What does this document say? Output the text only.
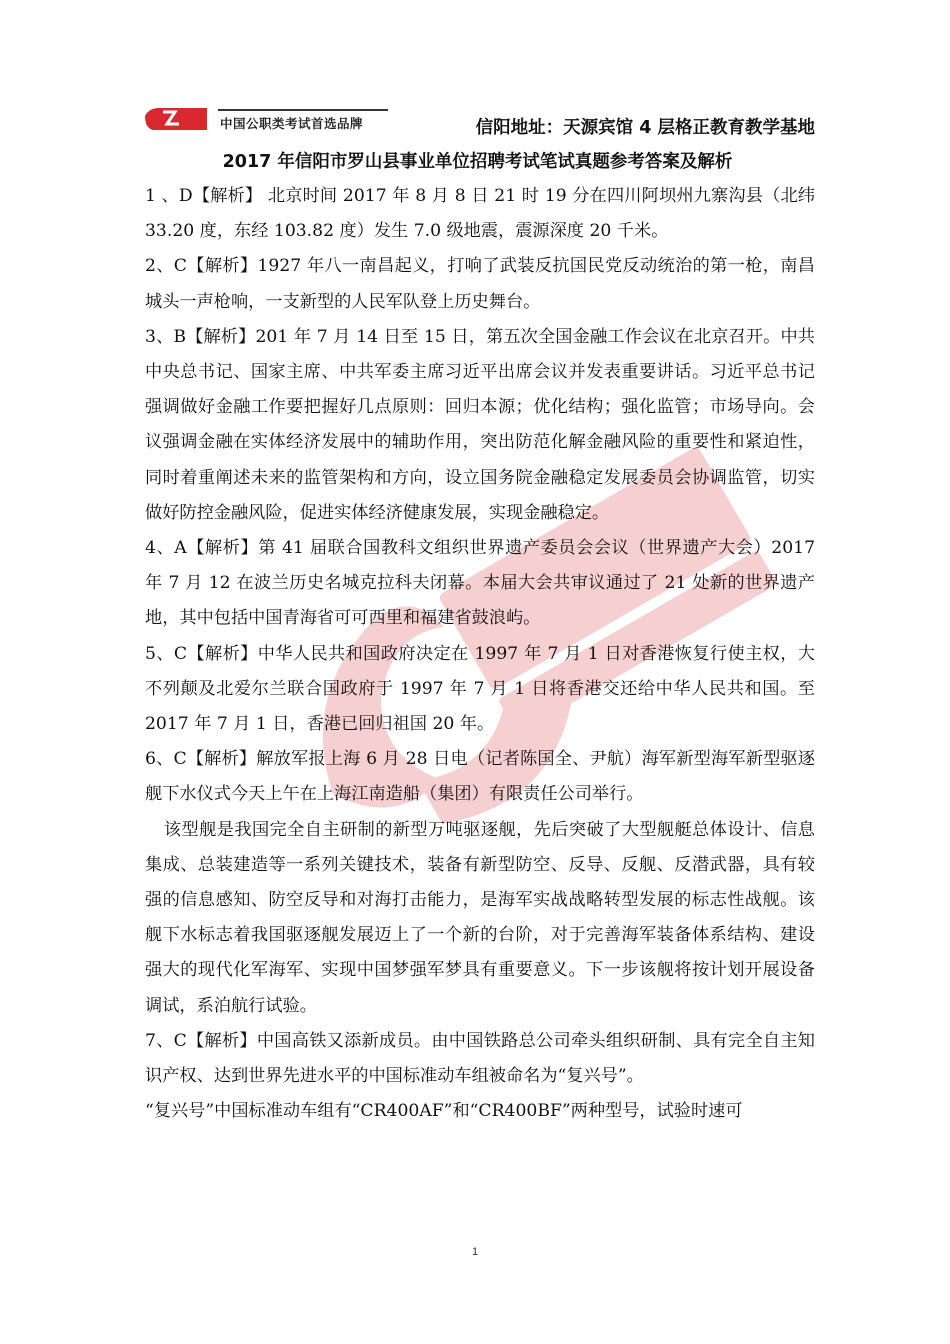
中国公职类考试首选品牌	信阳地址：天源宾馆 4 层格正教育教学基地
2017 年信阳市罗山县事业单位招聘考试笔试真题参考答案及解析

1 、D【解析】 北京时间 2017 年 8 月 8 日 21 时 19 分在四川阿坝州九寨沟县（北纬 33.20 度，东经 103.82 度）发生 7.0 级地震，震源深度 20 千米。

2、C【解析】1927 年八一南昌起义，打响了武装反抗国民党反动统治的第一枪，南昌城头一声枪响，一支新型的人民军队登上历史舞台。

3、B【解析】201 年 7 月 14 日至 15 日，第五次全国金融工作会议在北京召开。中共中央总书记、国家主席、中共军委主席习近平出席会议并发表重要讲话。习近平总书记强调做好金融工作要把握好几点原则：回归本源；优化结构；强化监管；市场导向。会议强调金融在实体经济发展中的辅助作用，突出防范化解金融风险的重要性和紧迫性，同时着重阐述未来的监管架构和方向，设立国务院金融稳定发展委员会协调监管，切实做好防控金融风险，促进实体经济健康发展，实现金融稳定。

4、A【解析】第 41 届联合国教科文组织世界遗产委员会会议（世界遗产大会）2017 年 7 月 12 在波兰历史名城克拉科夫闭幕。本届大会共审议通过了 21 处新的世界遗产地，其中包括中国青海省可可西里和福建省鼓浪屿。

5、C【解析】中华人民共和国政府决定在 1997 年 7 月 1 日对香港恢复行使主权，大不列颠及北爱尔兰联合国政府于 1997 年 7 月 1 日将香港交还给中华人民共和国。至 2017 年 7 月 1 日，香港已回归祖国 20 年。

6、C【解析】解放军报上海 6 月 28 日电（记者陈国全、尹航）海军新型海军新型驱逐舰下水仪式今天上午在上海江南造船（集团）有限责任公司举行。

该型舰是我国完全自主研制的新型万吨驱逐舰，先后突破了大型舰艇总体设计、信息集成、总装建造等一系列关键技术，装备有新型防空、反导、反舰、反潜武器，具有较强的信息感知、防空反导和对海打击能力，是海军实战战略转型发展的标志性战舰。该舰下水标志着我国驱逐舰发展迈上了一个新的台阶，对于完善海军装备体系结构、建设强大的现代化军海军、实现中国梦强军梦具有重要意义。下一步该舰将按计划开展设备调试，系泊航行试验。

7、C【解析】中国高铁又添新成员。由中国铁路总公司牵头组织研制、具有完全自主知识产权、达到世界先进水平的中国标准动车组被命名为“复兴号”。

“复兴号”中国标准动车组有“CR400AF”和“CR400BF”两种型号，试验时速可

1
